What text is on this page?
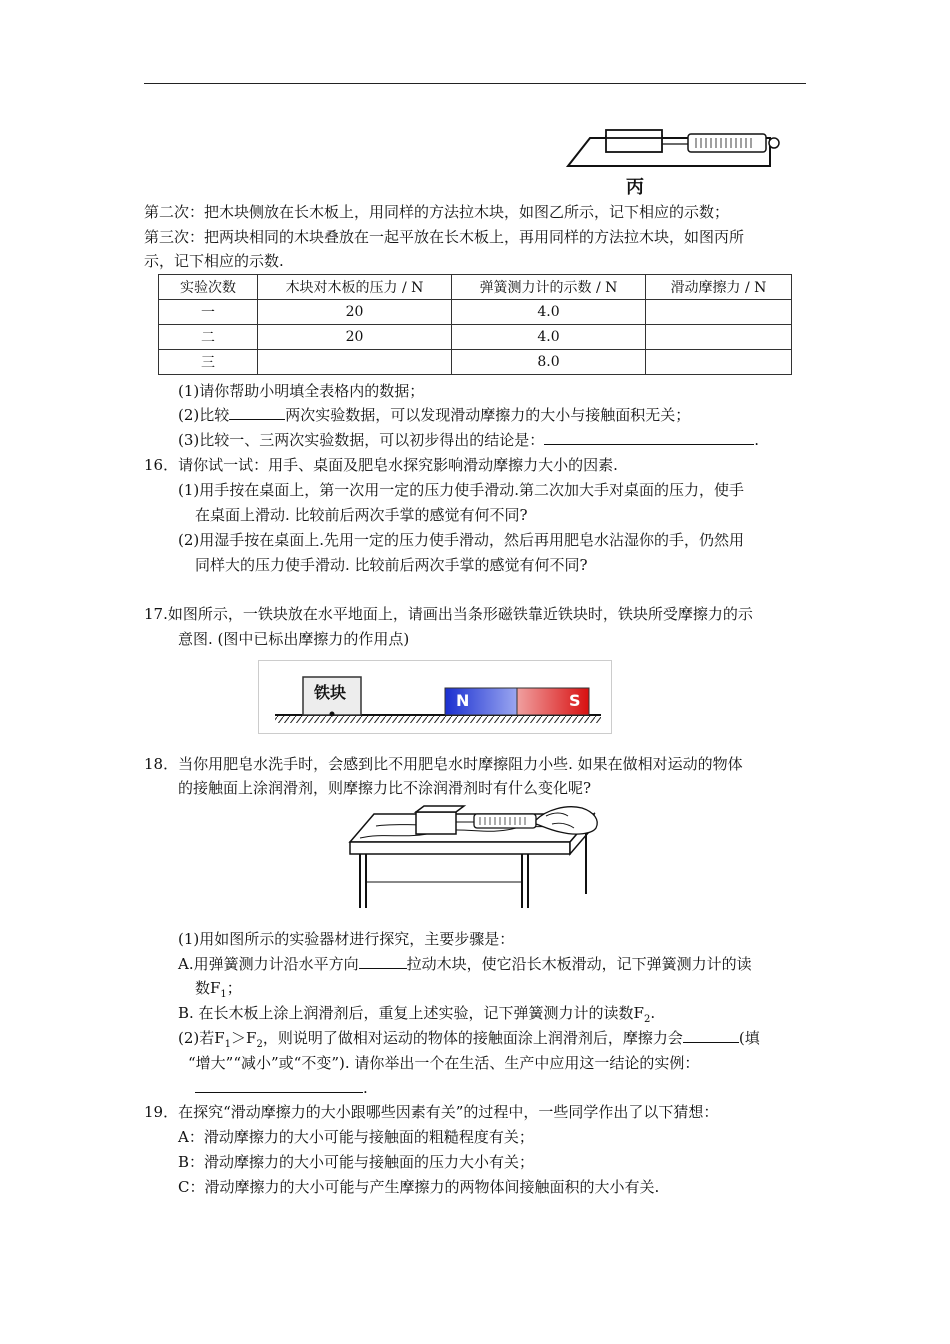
丙
第二次：把木块侧放在长木板上，用同样的方法拉木块，如图乙所示，记下相应的示数；
第三次：把两块相同的木块叠放在一起平放在长木板上，再用同样的方法拉木块，如图丙所
示，记下相应的示数.
实验次数	木块对木板的压力 / N	弹簧测力计的示数 / N	滑动摩擦力 / N
一	20	4.0	
二	20	4.0	
三		8.0	
(1)请你帮助小明填全表格内的数据；
(2)比较	两次实验数据，可以发现滑动摩擦力的大小与接触面积无关；
(3)比较一、三两次实验数据，可以初步得出的结论是：	.
16．请你试一试：用手、桌面及肥皂水探究影响滑动摩擦力大小的因素.
(1)用手按在桌面上，第一次用一定的压力使手滑动.第二次加大手对桌面的压力，使手
在桌面上滑动. 比较前后两次手掌的感觉有何不同?
(2)用湿手按在桌面上.先用一定的压力使手滑动，然后再用肥皂水沾湿你的手，仍然用
同样大的压力使手滑动. 比较前后两次手掌的感觉有何不同?
17.如图所示，一铁块放在水平地面上，请画出当条形磁铁靠近铁块时，铁块所受摩擦力的示
意图. (图中已标出摩擦力的作用点)
铁块	N	S
18．当你用肥皂水洗手时，会感到比不用肥皂水时摩擦阻力小些. 如果在做相对运动的物体
的接触面上涂润滑剂，则摩擦力比不涂润滑剂时有什么变化呢?
(1)用如图所示的实验器材进行探究，主要步骤是：
A.用弹簧测力计沿水平方向	拉动木块，使它沿长木板滑动，记下弹簧测力计的读
数$F_1$；
B. 在长木板上涂上润滑剂后，重复上述实验，记下弹簧测力计的读数$F_2$.
(2)若$F_1>F_2$，则说明了做相对运动的物体的接触面涂上润滑剂后，摩擦力会	(填
“增大”“减小”或“不变”). 请你举出一个在生活、生产中应用这一结论的实例：
.
19．在探究“滑动摩擦力的大小跟哪些因素有关”的过程中，一些同学作出了以下猜想：
A：滑动摩擦力的大小可能与接触面的粗糙程度有关；
B：滑动摩擦力的大小可能与接触面的压力大小有关；
C：滑动摩擦力的大小可能与产生摩擦力的两物体间接触面积的大小有关.
